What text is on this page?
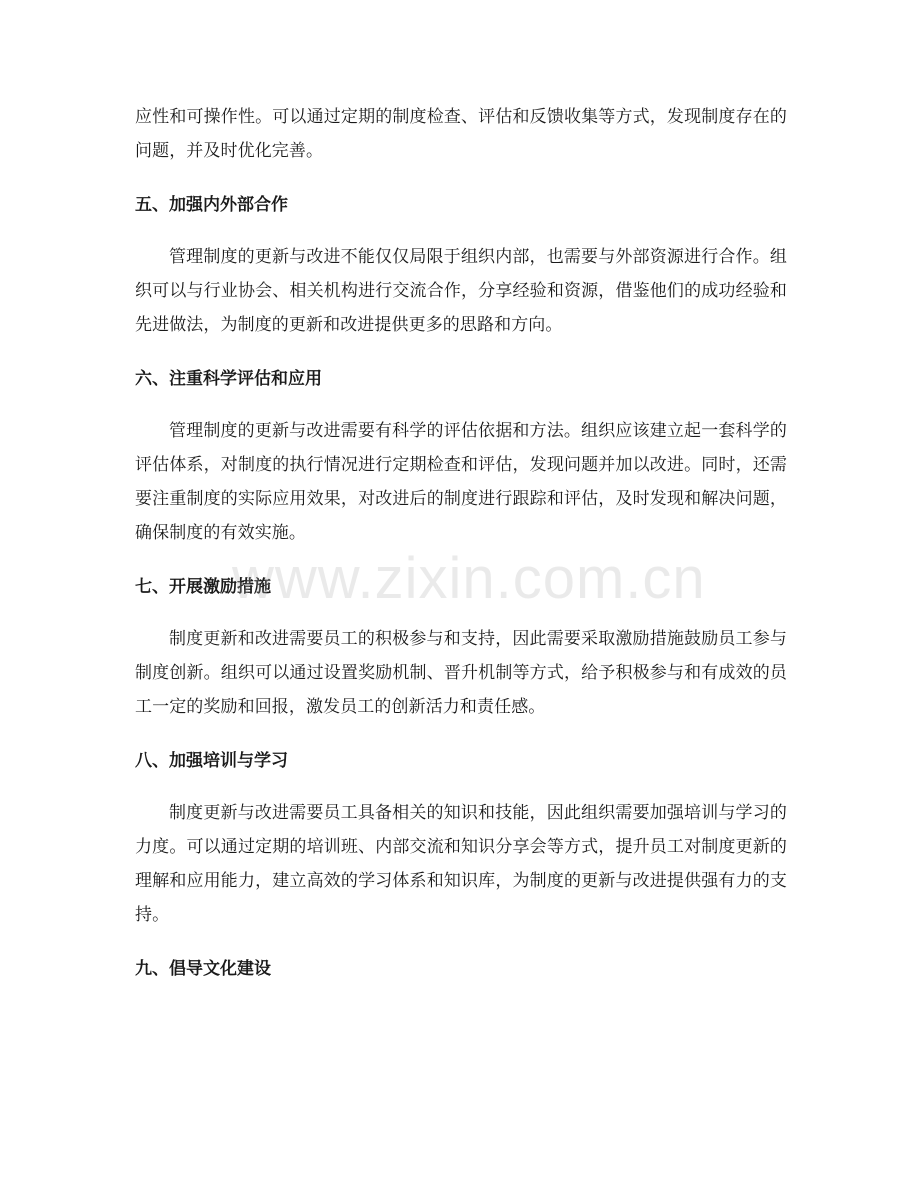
应性和可操作性。可以通过定期的制度检查、评估和反馈收集等方式，发现制度存在的问题，并及时优化完善。

五、加强内外部合作

管理制度的更新与改进不能仅仅局限于组织内部，也需要与外部资源进行合作。组织可以与行业协会、相关机构进行交流合作，分享经验和资源，借鉴他们的成功经验和先进做法，为制度的更新和改进提供更多的思路和方向。

六、注重科学评估和应用

管理制度的更新与改进需要有科学的评估依据和方法。组织应该建立起一套科学的评估体系，对制度的执行情况进行定期检查和评估，发现问题并加以改进。同时，还需要注重制度的实际应用效果，对改进后的制度进行跟踪和评估，及时发现和解决问题，确保制度的有效实施。

七、开展激励措施

制度更新和改进需要员工的积极参与和支持，因此需要采取激励措施鼓励员工参与制度创新。组织可以通过设置奖励机制、晋升机制等方式，给予积极参与和有成效的员工一定的奖励和回报，激发员工的创新活力和责任感。

八、加强培训与学习

制度更新与改进需要员工具备相关的知识和技能，因此组织需要加强培训与学习的力度。可以通过定期的培训班、内部交流和知识分享会等方式，提升员工对制度更新的理解和应用能力，建立高效的学习体系和知识库，为制度的更新与改进提供强有力的支持。

九、倡导文化建设
www.zixin.com.cn
